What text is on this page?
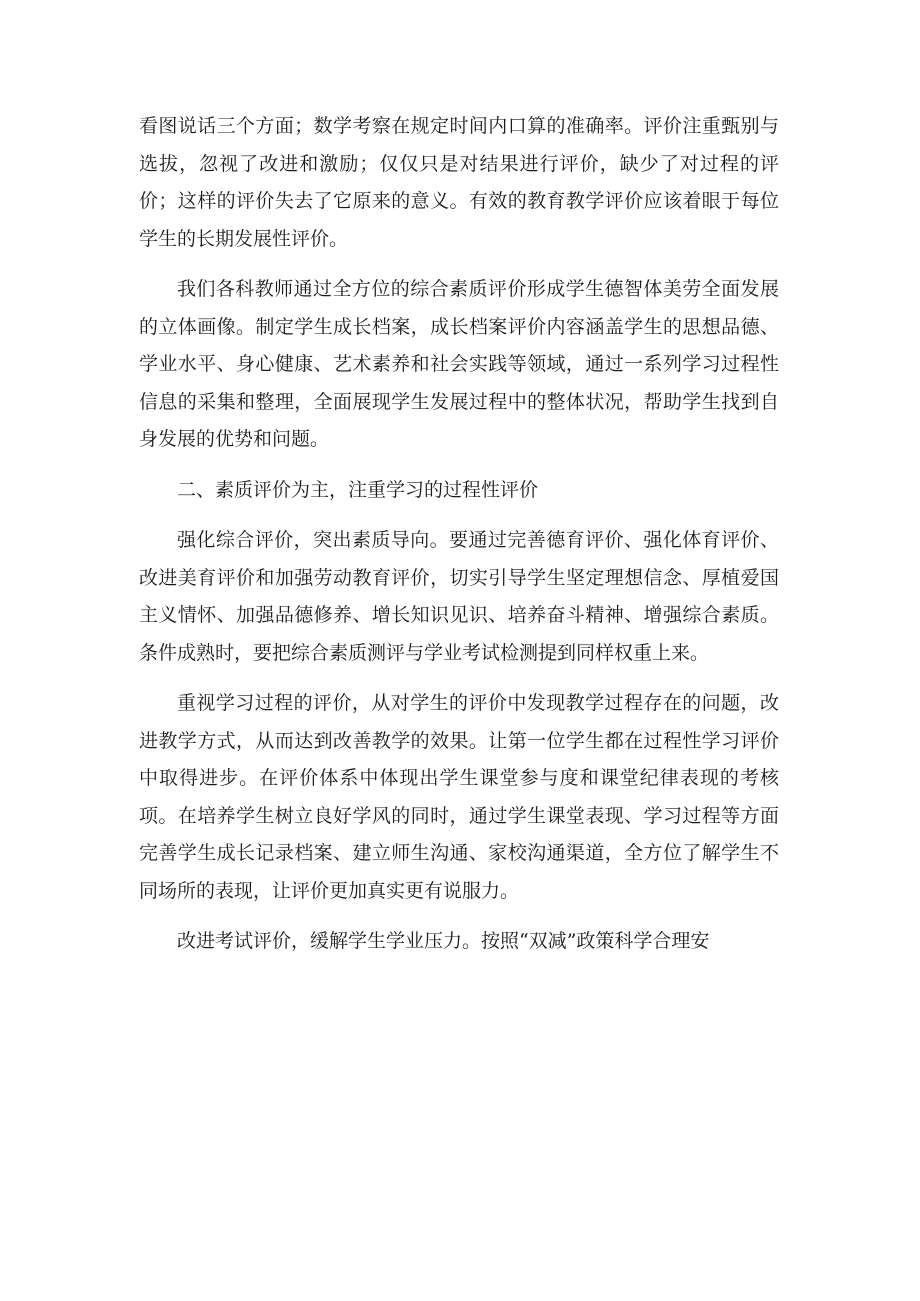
看图说话三个方面；数学考察在规定时间内口算的准确率。评价注重甄别与选拔，忽视了改进和激励；仅仅只是对结果进行评价，缺少了对过程的评价；这样的评价失去了它原来的意义。有效的教育教学评价应该着眼于每位学生的长期发展性评价。

我们各科教师通过全方位的综合素质评价形成学生德智体美劳全面发展的立体画像。制定学生成长档案，成长档案评价内容涵盖学生的思想品德、学业水平、身心健康、艺术素养和社会实践等领域，通过一系列学习过程性信息的采集和整理，全面展现学生发展过程中的整体状况，帮助学生找到自身发展的优势和问题。

二、素质评价为主，注重学习的过程性评价

强化综合评价，突出素质导向。要通过完善德育评价、强化体育评价、改进美育评价和加强劳动教育评价，切实引导学生坚定理想信念、厚植爱国主义情怀、加强品德修养、增长知识见识、培养奋斗精神、增强综合素质。条件成熟时，要把综合素质测评与学业考试检测提到同样权重上来。

重视学习过程的评价，从对学生的评价中发现教学过程存在的问题，改进教学方式，从而达到改善教学的效果。让第一位学生都在过程性学习评价中取得进步。在评价体系中体现出学生课堂参与度和课堂纪律表现的考核项。在培养学生树立良好学风的同时，通过学生课堂表现、学习过程等方面完善学生成长记录档案、建立师生沟通、家校沟通渠道，全方位了解学生不同场所的表现，让评价更加真实更有说服力。

改进考试评价，缓解学生学业压力。按照“双减”政策科学合理安
